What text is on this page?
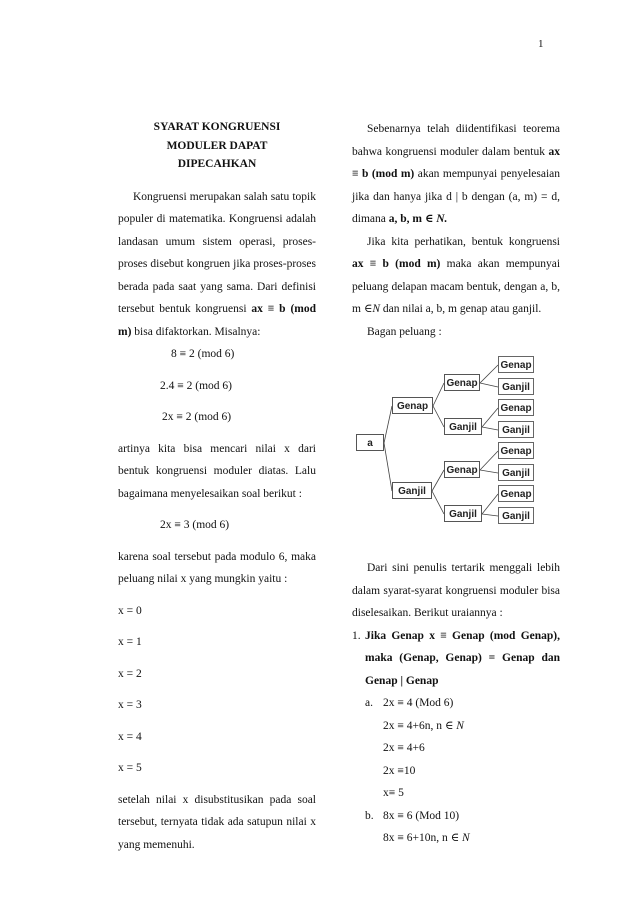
1
SYARAT KONGRUENSI
MODULER DAPAT
DIPECAHKAN

Kongruensi merupakan salah satu topik populer di matematika. Kongruensi adalah landasan umum sistem operasi, proses-proses disebut kongruen jika proses-proses berada pada saat yang sama. Dari definisi tersebut bentuk kongruensi ax ≡ b (mod m) bisa difaktorkan. Misalnya:

8 ≡ 2 (mod 6)

2.4 ≡ 2 (mod 6)

2x ≡ 2 (mod 6)

artinya kita bisa mencari nilai x dari bentuk kongruensi moduler diatas. Lalu bagaimana menyelesaikan soal berikut :

2x ≡ 3 (mod 6)

karena soal tersebut pada modulo 6, maka peluang nilai x yang mungkin yaitu :

x = 0

x = 1

x = 2

x = 3

x = 4

x = 5

setelah nilai x disubstitusikan pada soal tersebut, ternyata tidak ada satupun nilai x yang memenuhi.

Sebenarnya telah diidentifikasi teorema bahwa kongruensi moduler dalam bentuk ax ≡ b (mod m) akan mempunyai penyelesaian jika dan hanya jika d | b dengan (a, m) = d, dimana a, b, m ∈ N.

Jika kita perhatikan, bentuk kongruensi ax ≡ b (mod m) maka akan mempunyai peluang delapan macam bentuk, dengan a, b, m ∈N dan nilai a, b, m genap atau ganjil.

Bagan peluang :

a
Genap
Ganjil
Genap
Ganjil
Genap
Ganjil
Genap
Ganjil
Genap
Ganjil
Genap
Ganjil
Genap
Ganjil

Dari sini penulis tertarik menggali lebih dalam syarat-syarat kongruensi moduler bisa diselesaikan. Berikut uraiannya :

1. Jika Genap x ≡ Genap (mod Genap), maka (Genap, Genap) = Genap dan Genap | Genap
a. 2x ≡ 4 (Mod 6)

2x ≡ 4+6n, n ∈ N

2x ≡ 4+6

2x ≡10

x≡ 5

b. 8x ≡ 6 (Mod 10)

8x ≡ 6+10n, n ∈ N
